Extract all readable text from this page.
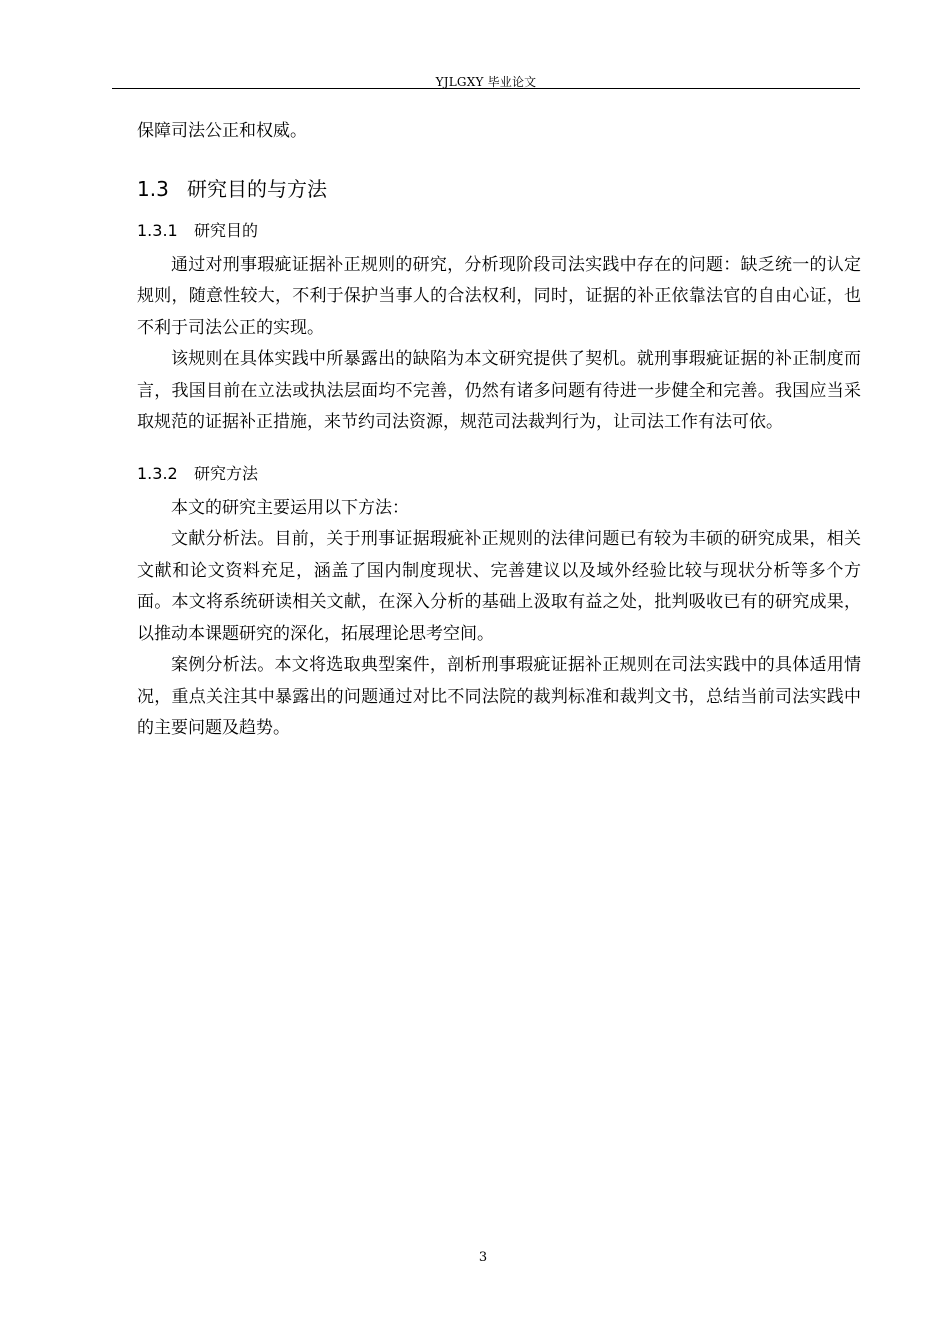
YJLGXY 毕业论文

保障司法公正和权威。

1.3 研究目的与方法
1.3.1 研究目的

通过对刑事瑕疵证据补正规则的研究，分析现阶段司法实践中存在的问题：缺乏统一的认定规则，随意性较大，不利于保护当事人的合法权利，同时，证据的补正依靠法官的自由心证，也不利于司法公正的实现。

该规则在具体实践中所暴露出的缺陷为本文研究提供了契机。就刑事瑕疵证据的补正制度而言，我国目前在立法或执法层面均不完善，仍然有诸多问题有待进一步健全和完善。我国应当采取规范的证据补正措施，来节约司法资源，规范司法裁判行为，让司法工作有法可依。

1.3.2 研究方法

本文的研究主要运用以下方法：

文献分析法。目前，关于刑事证据瑕疵补正规则的法律问题已有较为丰硕的研究成果，相关文献和论文资料充足，涵盖了国内制度现状、完善建议以及域外经验比较与现状分析等多个方面。本文将系统研读相关文献，在深入分析的基础上汲取有益之处，批判吸收已有的研究成果，以推动本课题研究的深化，拓展理论思考空间。

案例分析法。本文将选取典型案件，剖析刑事瑕疵证据补正规则在司法实践中的具体适用情况，重点关注其中暴露出的问题通过对比不同法院的裁判标准和裁判文书，总结当前司法实践中的主要问题及趋势。

3
